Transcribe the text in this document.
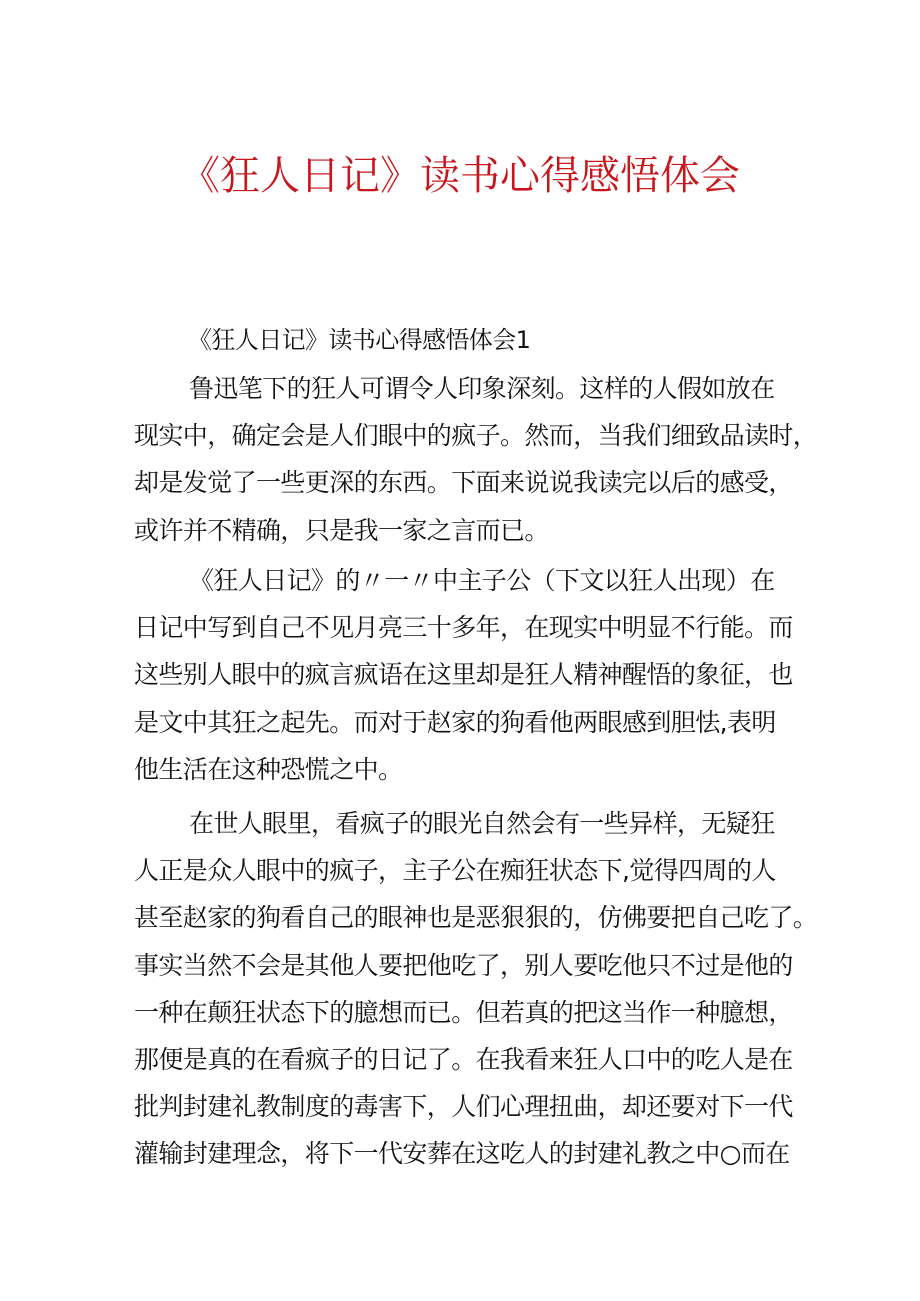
《狂人日记》读书心得感悟体会
《狂人日记》读书心得感悟体会1
鲁迅笔下的狂人可谓令人印象深刻。这样的人假如放在
现实中，确定会是人们眼中的疯子。然而，当我们细致品读时，
却是发觉了一些更深的东西。下面来说说我读完以后的感受，
或许并不精确，只是我一家之言而已。
《狂人日记》的〃一〃中主子公（下文以狂人出现）在
日记中写到自己不见月亮三十多年，在现实中明显不行能。而
这些别人眼中的疯言疯语在这里却是狂人精神醒悟的象征，也
是文中其狂之起先。而对于赵家的狗看他两眼感到胆怯,表明
他生活在这种恐慌之中。
在世人眼里，看疯子的眼光自然会有一些异样，无疑狂
人正是众人眼中的疯子，主子公在痴狂状态下,觉得四周的人
甚至赵家的狗看自己的眼神也是恶狠狠的，仿佛要把自己吃了。
事实当然不会是其他人要把他吃了，别人要吃他只不过是他的
一种在颠狂状态下的臆想而已。但若真的把这当作一种臆想，
那便是真的在看疯子的日记了。在我看来狂人口中的吃人是在
批判封建礼教制度的毒害下，人们心理扭曲，却还要对下一代
灌输封建理念，将下一代安葬在这吃人的封建礼教之中○而在
